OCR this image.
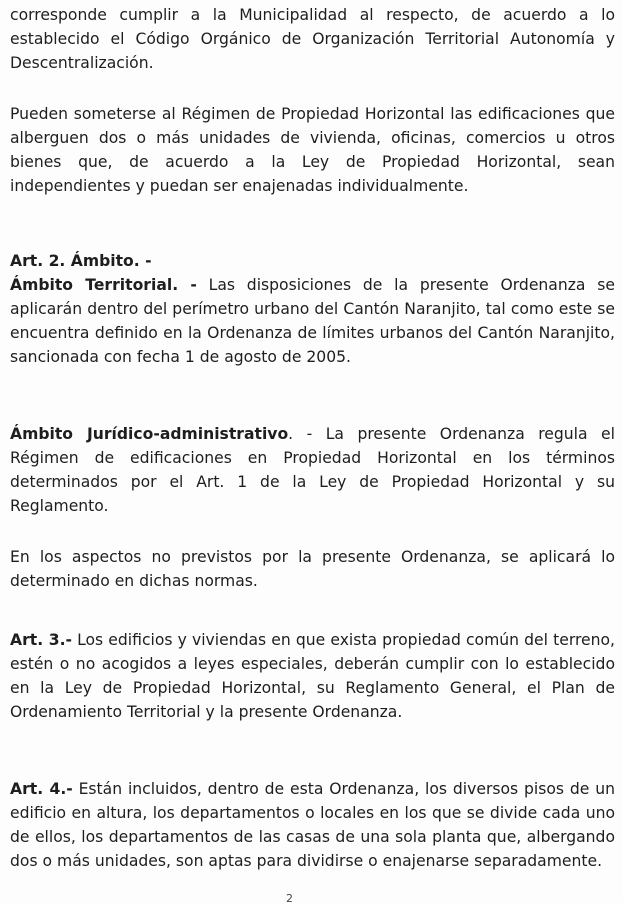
corresponde cumplir a la Municipalidad al respecto, de acuerdo a lo establecido el Código Orgánico de Organización Territorial Autonomía y Descentralización.

Pueden someterse al Régimen de Propiedad Horizontal las edificaciones que alberguen dos o más unidades de vivienda, oficinas, comercios u otros bienes que, de acuerdo a la Ley de Propiedad Horizontal, sean independientes y puedan ser enajenadas individualmente.

Art. 2. Ámbito. -
Ámbito Territorial. - Las disposiciones de la presente Ordenanza se aplicarán dentro del perímetro urbano del Cantón Naranjito, tal como este se encuentra definido en la Ordenanza de límites urbanos del Cantón Naranjito, sancionada con fecha 1 de agosto de 2005.

Ámbito Jurídico-administrativo. - La presente Ordenanza regula el Régimen de edificaciones en Propiedad Horizontal en los términos determinados por el Art. 1 de la Ley de Propiedad Horizontal y su Reglamento.

En los aspectos no previstos por la presente Ordenanza, se aplicará lo determinado en dichas normas.

Art. 3.- Los edificios y viviendas en que exista propiedad común del terreno, estén o no acogidos a leyes especiales, deberán cumplir con lo establecido en la Ley de Propiedad Horizontal, su Reglamento General, el Plan de Ordenamiento Territorial y la presente Ordenanza.

Art. 4.- Están incluidos, dentro de esta Ordenanza, los diversos pisos de un edificio en altura, los departamentos o locales en los que se divide cada uno de ellos, los departamentos de las casas de una sola planta que, albergando dos o más unidades, son aptas para dividirse o enajenarse separadamente.

2
